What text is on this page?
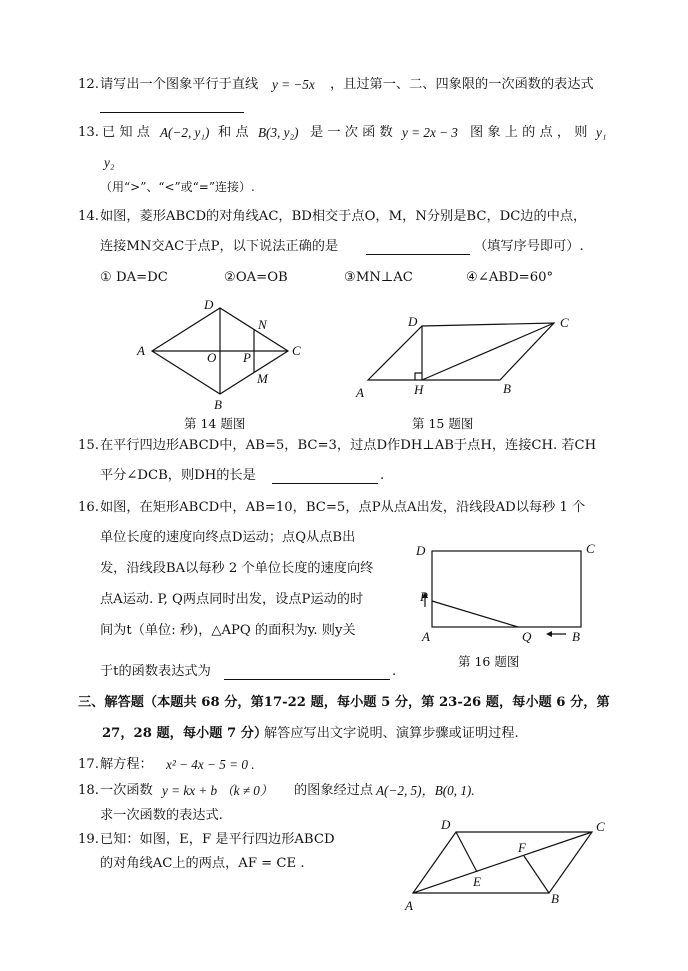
12. 请写出一个图象平行于直线 y = −5x ，且过第一、二、四象限的一次函数的表达式
13. 已 知 点 A(−2, y₁) 和 点 B(3, y₂) 是 一 次 函 数 y = 2x − 3 图 象 上 的 点 ， 则 y₁
y₂
（用“>”、“<”或“=”连接）.
14. 如图，菱形ABCD的对角线AC，BD相交于点O，M，N分别是BC，DC边的中点，
连接MN交AC于点P，以下说法正确的是	（填写序号即可）.
① DA=DC	②OA=OB	③MN⊥AC	④∠ABD=60°
D
A	O P	C
B
N
M
D	C
A	H	B
D	C
P
A	Q	B
D	C
F
E
A	B
第 14 题图	第 15 题图
15. 在平行四边形ABCD中，AB=5，BC=3，过点D作DH⊥AB于点H，连接CH. 若CH
平分∠DCB，则DH的长是	.
16. 如图，在矩形ABCD中，AB=10，BC=5，点P从点A出发，沿线段AD以每秒 1 个
单位长度的速度向终点D运动；点Q从点B出
发，沿线段BA以每秒 2 个单位长度的速度向终
点A运动. P, Q两点同时出发，设点P运动的时
间为t（单位: 秒)，△APQ 的面积为y. 则y关
于t的函数表达式为	.
第 16 题图
三、解答题（本题共 68 分，第17-22 题，每小题 5 分，第 23-26 题，每小题 6 分，第
27，28 题，每小题 7 分）
解答应写出文字说明、演算步骤或证明过程.
17. 解方程： x² − 4x − 5 = 0 .
18. 一次函数 y = kx + b （k ≠ 0） 的图象经过点 A(−2, 5)，B(0, 1).
求一次函数的表达式.
19. 已知：如图，E，F 是平行四边形ABCD
的对角线AC上的两点，AF = CE .
